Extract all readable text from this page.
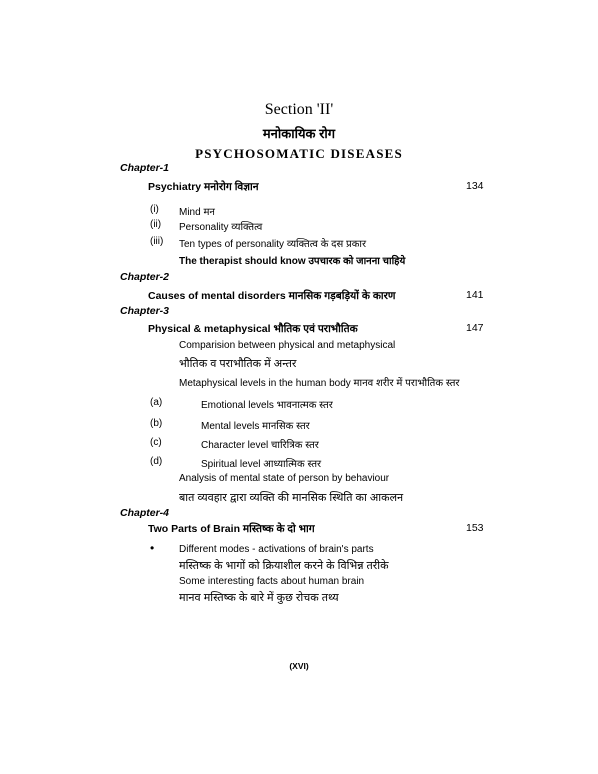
Section 'II'
मनोकायिक रोग
PSYCHOSOMATIC DISEASES
Chapter-1
Psychiatry मनोरोग विज्ञान	134
(i) Mind मन
(ii) Personality व्यक्तित्व
(iii) Ten types of personality व्यक्तित्व के दस प्रकार
The therapist should know उपचारक को जानना चाहिये
Chapter-2
Causes of mental disorders मानसिक गड़बड़ियों के कारण	141
Chapter-3
Physical & metaphysical भौतिक एवं पराभौतिक	147
Comparision between physical and metaphysical
भौतिक व पराभौतिक में अन्तर
Metaphysical levels in the human body मानव शरीर में पराभौतिक स्तर
(a)	Emotional levels भावनात्मक स्तर
(b)	Mental levels मानसिक स्तर
(c)	Character level चारित्रिक स्तर
(d)	Spiritual level आध्यात्मिक स्तर
Analysis of mental state of person by behaviour
बात व्यवहार द्वारा व्यक्ति की मानसिक स्थिति का आकलन
Chapter-4
Two Parts of Brain मस्तिष्क के दो भाग	153
• Different modes - activations of brain's parts
मस्तिष्क के भागों को क्रियाशील करने के विभिन्न तरीके
Some interesting facts about human brain
मानव मस्तिष्क के बारे में कुछ रोचक तथ्य
(XVI)
